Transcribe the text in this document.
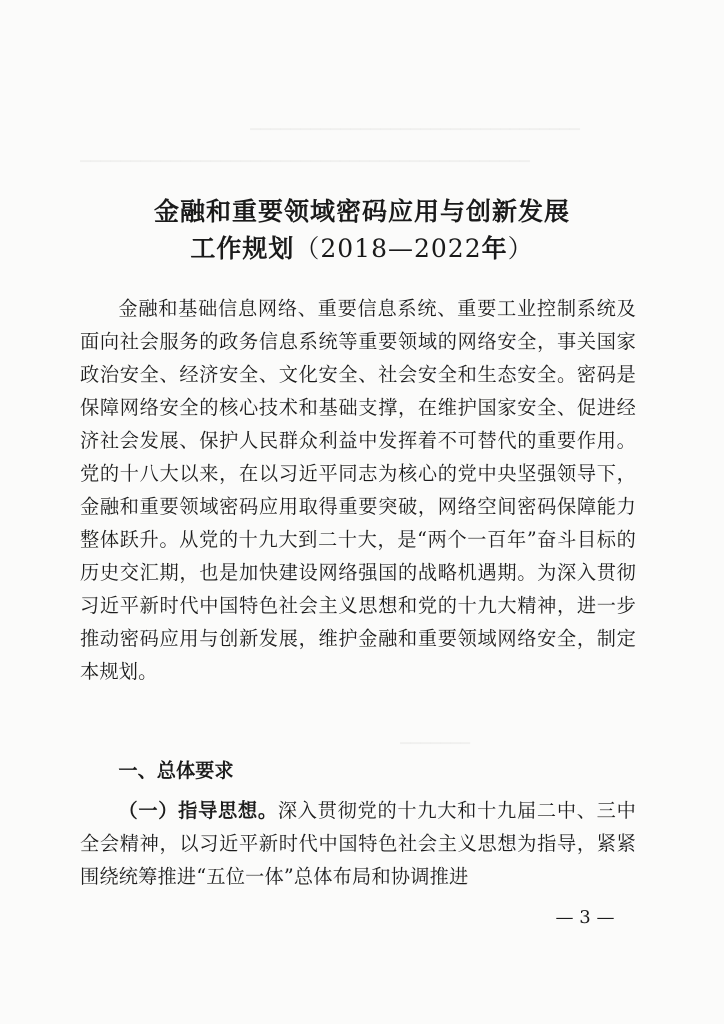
金融和重要领域密码应用与创新发展
工作规划（2018—2022年）

金融和基础信息网络、重要信息系统、重要工业控制系统及面向社会服务的政务信息系统等重要领域的网络安全，事关国家政治安全、经济安全、文化安全、社会安全和生态安全。密码是保障网络安全的核心技术和基础支撑，在维护国家安全、促进经济社会发展、保护人民群众利益中发挥着不可替代的重要作用。党的十八大以来，在以习近平同志为核心的党中央坚强领导下，金融和重要领域密码应用取得重要突破，网络空间密码保障能力整体跃升。从党的十九大到二十大，是“两个一百年”奋斗目标的历史交汇期，也是加快建设网络强国的战略机遇期。为深入贯彻习近平新时代中国特色社会主义思想和党的十九大精神，进一步推动密码应用与创新发展，维护金融和重要领域网络安全，制定本规划。

一、总体要求

（一）指导思想。深入贯彻党的十九大和十九届二中、三中全会精神，以习近平新时代中国特色社会主义思想为指导，紧紧围绕统筹推进“五位一体”总体布局和协调推进

— 3 —
